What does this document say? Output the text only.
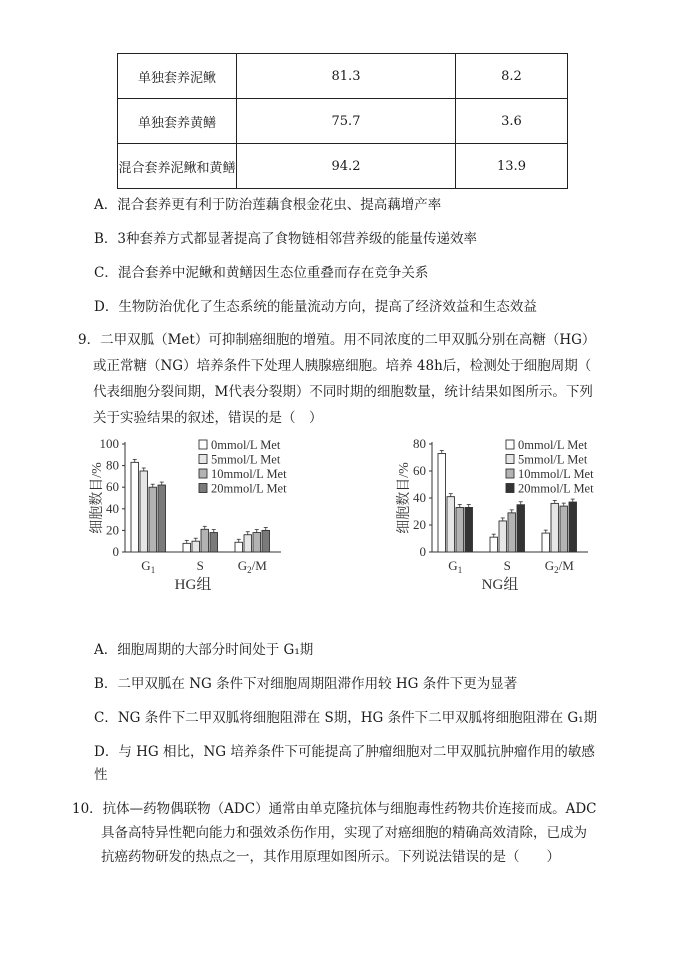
单独套养泥鳅	81.3	8.2
单独套养黄鳝	75.7	3.6
混合套养泥鳅和黄鳝	94.2	13.9
A．混合套养更有利于防治莲藕食根金花虫、提高藕增产率
B．3种套养方式都显著提高了食物链相邻营养级的能量传递效率
C．混合套养中泥鳅和黄鳝因生态位重叠而存在竞争关系
D．生物防治优化了生态系统的能量流动方向，提高了经济效益和生态效益
9．二甲双胍（Met）可抑制癌细胞的增殖。用不同浓度的二甲双胍分别在高糖（HG）
或正常糖（NG）培养条件下处理人胰腺癌细胞。培养 48h后，检测处于细胞周期（
代表细胞分裂间期，M代表分裂期）不同时期的细胞数量，统计结果如图所示。下列
关于实验结果的叙述，错误的是（　）
0
20
40
60
80
100
细胞数目/%
$G_1$	S	$G_2/M$
HG组
0mmol/L Met
5mmol/L Met
10mmol/L Met
20mmol/L Met
0
20
40
60
80
细胞数目/%
$G_1$	S	$G_2/M$
NG组
0mmol/L Met
5mmol/L Met
10mmol/L Met
20mmol/L Met
A．细胞周期的大部分时间处于 G₁期
B．二甲双胍在 NG 条件下对细胞周期阻滞作用较 HG 条件下更为显著
C．NG 条件下二甲双胍将细胞阻滞在 S期，HG 条件下二甲双胍将细胞阻滞在 G₁期
D．与 HG 相比，NG 培养条件下可能提高了肿瘤细胞对二甲双胍抗肿瘤作用的敏感
性
10．抗体—药物偶联物（ADC）通常由单克隆抗体与细胞毒性药物共价连接而成。ADC
具备高特异性靶向能力和强效杀伤作用，实现了对癌细胞的精确高效清除，已成为
抗癌药物研发的热点之一，其作用原理如图所示。下列说法错误的是（　　）
